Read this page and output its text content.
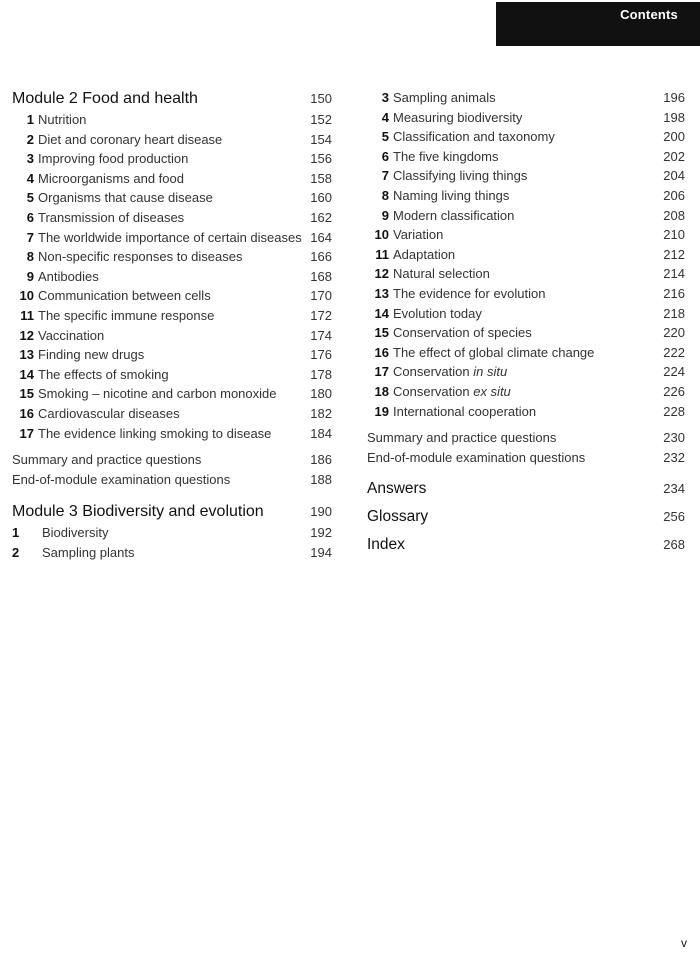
Contents
Module 2 Food and health	150
1 Nutrition	152
2 Diet and coronary heart disease	154
3 Improving food production	156
4 Microorganisms and food	158
5 Organisms that cause disease	160
6 Transmission of diseases	162
7 The worldwide importance of certain diseases 164
8 Non-specific responses to diseases	166
9 Antibodies	168
10 Communication between cells	170
11 The specific immune response	172
12 Vaccination	174
13 Finding new drugs	176
14 The effects of smoking	178
15 Smoking – nicotine and carbon monoxide	180
16 Cardiovascular diseases	182
17 The evidence linking smoking to disease	184
Summary and practice questions	186
End-of-module examination questions	188
Module 3 Biodiversity and evolution	190
1	Biodiversity	192
2	Sampling plants	194
3 Sampling animals	196
4 Measuring biodiversity	198
5 Classification and taxonomy	200
6 The five kingdoms	202
7 Classifying living things	204
8 Naming living things	206
9 Modern classification	208
10 Variation	210
11 Adaptation	212
12 Natural selection	214
13 The evidence for evolution	216
14 Evolution today	218
15 Conservation of species	220
16 The effect of global climate change	222
17 Conservation in situ	224
18 Conservation ex situ	226
19 International cooperation	228
Summary and practice questions	230
End-of-module examination questions	232
Answers	234
Glossary	256
Index	268
v
